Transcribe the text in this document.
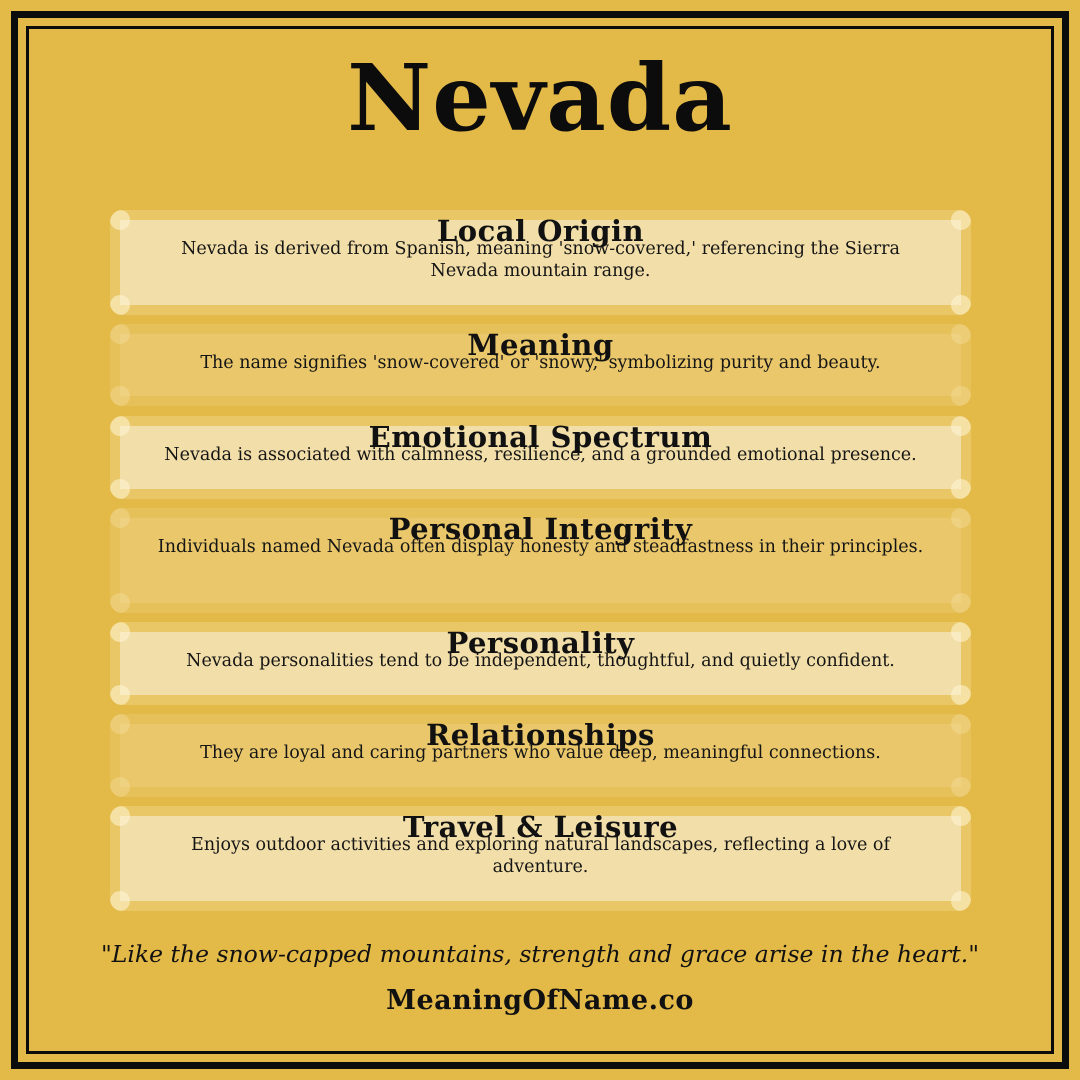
Nevada
Local Origin
Nevada is derived from Spanish, meaning 'snow-covered,' referencing the Sierra Nevada mountain range.
Meaning
The name signifies 'snow-covered' or 'snowy,' symbolizing purity and beauty.
Emotional Spectrum
Nevada is associated with calmness, resilience, and a grounded emotional presence.
Personal Integrity
Individuals named Nevada often display honesty and steadfastness in their principles.
Personality
Nevada personalities tend to be independent, thoughtful, and quietly confident.
Relationships
They are loyal and caring partners who value deep, meaningful connections.
Travel & Leisure
Enjoys outdoor activities and exploring natural landscapes, reflecting a love of adventure.
"Like the snow-capped mountains, strength and grace arise in the heart."
MeaningOfName.co
